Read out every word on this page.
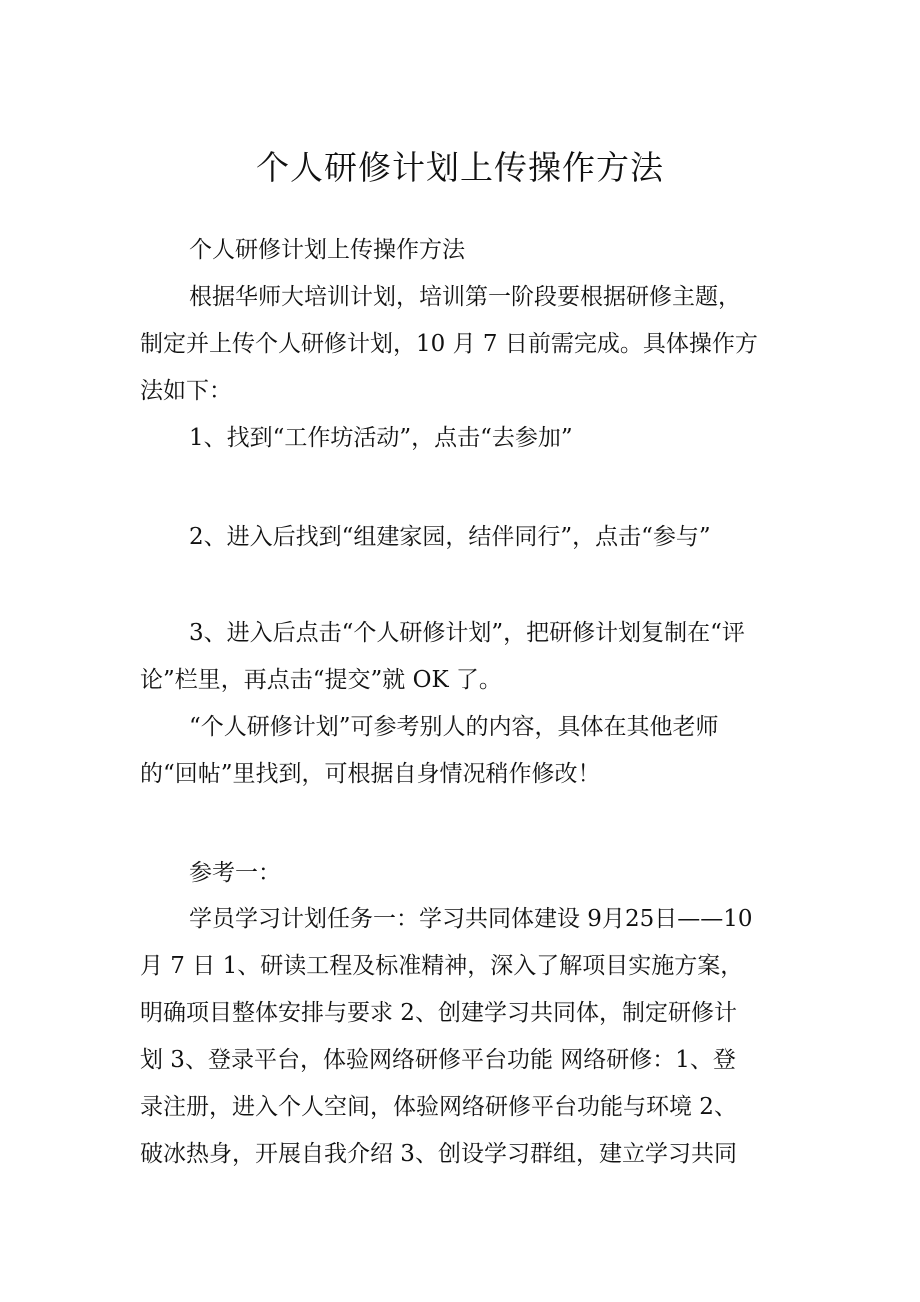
个人研修计划上传操作方法

个人研修计划上传操作方法

根据华师大培训计划，培训第一阶段要根据研修主题，
制定并上传个人研修计划，10 月 7 日前需完成。具体操作方
法如下：

1、找到“工作坊活动”，点击“去参加”

2、进入后找到“组建家园，结伴同行”，点击“参与”

3、进入后点击“个人研修计划”，把研修计划复制在“评
论”栏里，再点击“提交”就 OK 了。

“个人研修计划”可参考别人的内容，具体在其他老师
的“回帖”里找到，可根据自身情况稍作修改！

参考一：

学员学习计划任务一：学习共同体建设 9月25日——10
月 7 日 1、研读工程及标准精神，深入了解项目实施方案，
明确项目整体安排与要求 2、创建学习共同体，制定研修计
划 3、登录平台，体验网络研修平台功能 网络研修：1、登
录注册，进入个人空间，体验网络研修平台功能与环境 2、
破冰热身，开展自我介绍 3、创设学习群组，建立学习共同
